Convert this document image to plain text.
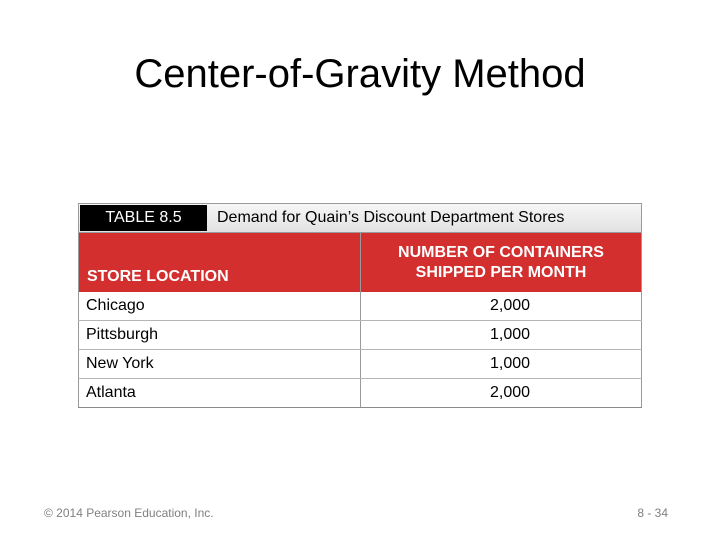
Center-of-Gravity Method
TABLE 8.5	Demand for Quain’s Discount Department Stores
STORE LOCATION	NUMBER OF CONTAINERS
SHIPPED PER MONTH
Chicago	2,000
Pittsburgh	1,000
New York	1,000
Atlanta	2,000
© 2014 Pearson Education, Inc.	8 - 34
